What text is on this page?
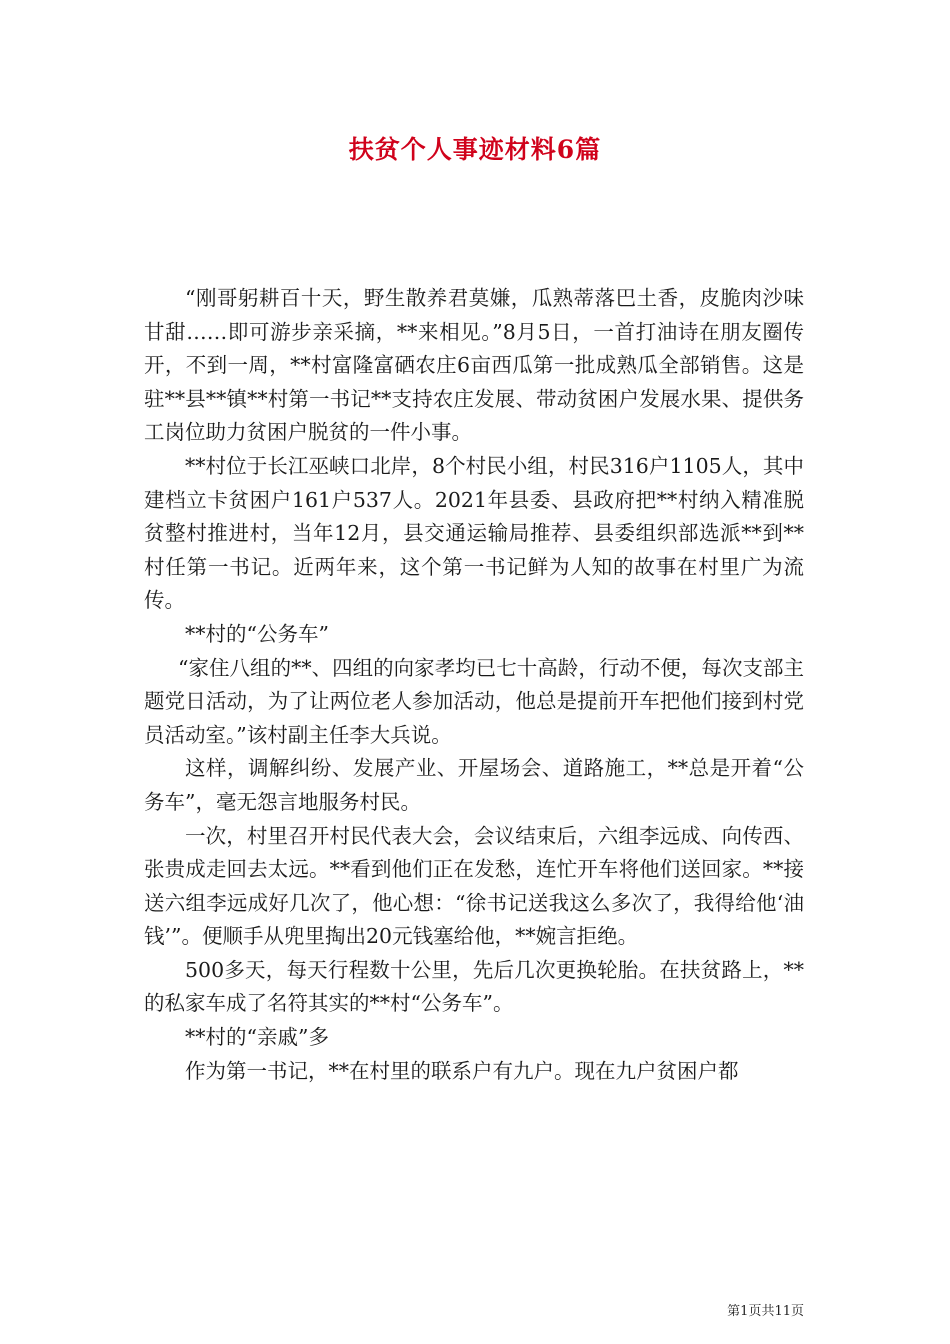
扶贫个人事迹材料6篇

“刚哥躬耕百十天，野生散养君莫嫌，瓜熟蒂落巴土香，皮脆肉沙味甘甜……即可游步亲采摘，**来相见。”8月5日，一首打油诗在朋友圈传开，不到一周，**村富隆富硒农庄6亩西瓜第一批成熟瓜全部销售。这是驻**县**镇**村第一书记**支持农庄发展、带动贫困户发展水果、提供务工岗位助力贫困户脱贫的一件小事。

**村位于长江巫峡口北岸，8个村民小组，村民316户1105人，其中建档立卡贫困户161户537人。2021年县委、县政府把**村纳入精准脱贫整村推进村，当年12月，县交通运输局推荐、县委组织部选派**到**村任第一书记。近两年来，这个第一书记鲜为人知的故事在村里广为流传。

**村的“公务车”

“家住八组的**、四组的向家孝均已七十高龄，行动不便，每次支部主题党日活动，为了让两位老人参加活动，他总是提前开车把他们接到村党员活动室。”该村副主任李大兵说。

这样，调解纠纷、发展产业、开屋场会、道路施工，**总是开着“公务车”，毫无怨言地服务村民。

一次，村里召开村民代表大会，会议结束后，六组李远成、向传西、张贵成走回去太远。**看到他们正在发愁，连忙开车将他们送回家。**接送六组李远成好几次了，他心想：“徐书记送我这么多次了，我得给他‘油钱’”。便顺手从兜里掏出20元钱塞给他，**婉言拒绝。

500多天，每天行程数十公里，先后几次更换轮胎。在扶贫路上，**的私家车成了名符其实的**村“公务车”。

**村的“亲戚”多

作为第一书记，**在村里的联系户有九户。现在九户贫困户都

第1页共11页
